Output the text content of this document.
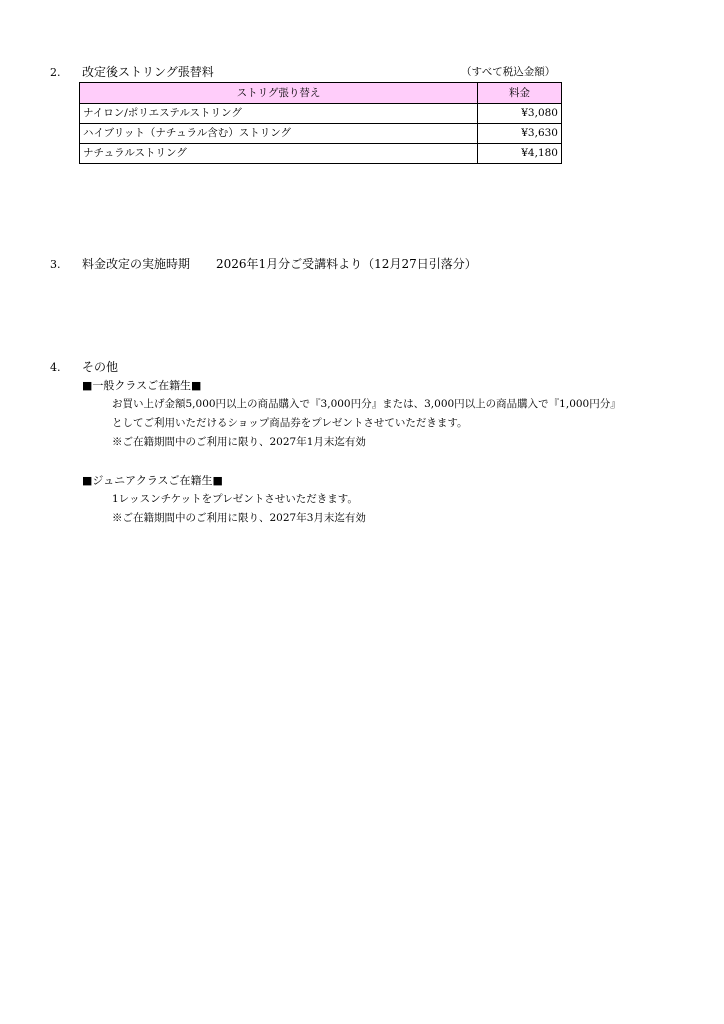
2. 改定後ストリング張替料	（すべて税込金額）
ストリグ張り替え	料金
ナイロン/ポリエステルストリング	¥3,080
ハイブリット（ナチュラル含む）ストリング	¥3,630
ナチュラルストリング	¥4,180
3. 料金改定の実施時期 2026年1月分ご受講料より（12月27日引落分）
4. その他
■一般クラスご在籍生■
お買い上げ金額5,000円以上の商品購入で『3,000円分』または、3,000円以上の商品購入で『1,000円分』
としてご利用いただけるショップ商品券をプレゼントさせていただきます。
※ご在籍期間中のご利用に限り、2027年1月末迄有効
■ジュニアクラスご在籍生■
1レッスンチケットをプレゼントさせいただきます。
※ご在籍期間中のご利用に限り、2027年3月末迄有効
